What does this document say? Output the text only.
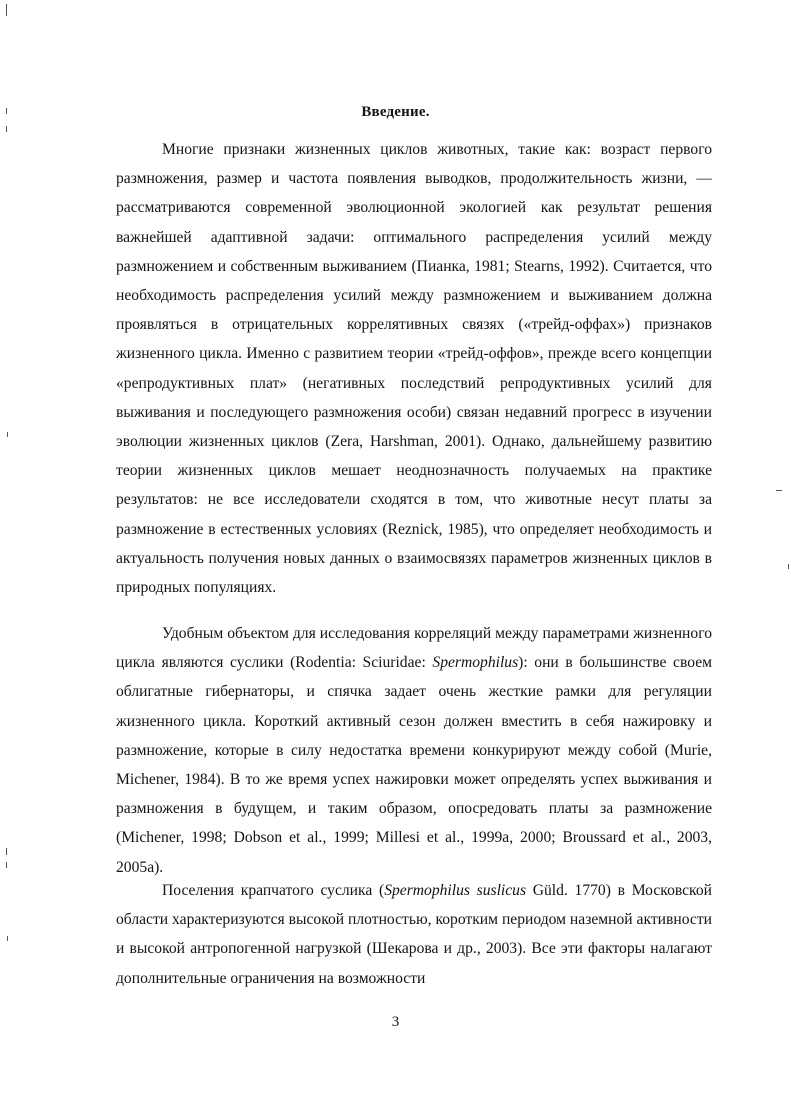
Введение.

Многие признаки жизненных циклов животных, такие как: возраст первого размножения, размер и частота появления выводков, продолжительность жизни, — рассматриваются современной эволюционной экологией как результат решения важнейшей адаптивной задачи: оптимального распределения усилий между размножением и собственным выживанием (Пианка, 1981; Stearns, 1992). Считается, что необходимость распределения усилий между размножением и выживанием должна проявляться в отрицательных коррелятивных связях («трейд-оффах») признаков жизненного цикла. Именно с развитием теории «трейд-оффов», прежде всего концепции «репродуктивных плат» (негативных последствий репродуктивных усилий для выживания и последующего размножения особи) связан недавний прогресс в изучении эволюции жизненных циклов (Zera, Harshman, 2001). Однако, дальнейшему развитию теории жизненных циклов мешает неоднозначность получаемых на практике результатов: не все исследователи сходятся в том, что животные несут платы за размножение в естественных условиях (Reznick, 1985), что определяет необходимость и актуальность получения новых данных о взаимосвязях параметров жизненных циклов в природных популяциях.

Удобным объектом для исследования корреляций между параметрами жизненного цикла являются суслики (Rodentia: Sciuridae: Spermophilus): они в большинстве своем облигатные гибернаторы, и спячка задает очень жесткие рамки для регуляции жизненного цикла. Короткий активный сезон должен вместить в себя нажировку и размножение, которые в силу недостатка времени конкурируют между собой (Murie, Michener, 1984). В то же время успех нажировки может определять успех выживания и размножения в будущем, и таким образом, опосредовать платы за размножение (Michener, 1998; Dobson et al., 1999; Millesi et al., 1999a, 2000; Broussard et al., 2003, 2005a).

Поселения крапчатого суслика (Spermophilus suslicus Güld. 1770) в Московской области характеризуются высокой плотностью, коротким периодом наземной активности и высокой антропогенной нагрузкой (Шекарова и др., 2003). Все эти факторы налагают дополнительные ограничения на возможности

3
